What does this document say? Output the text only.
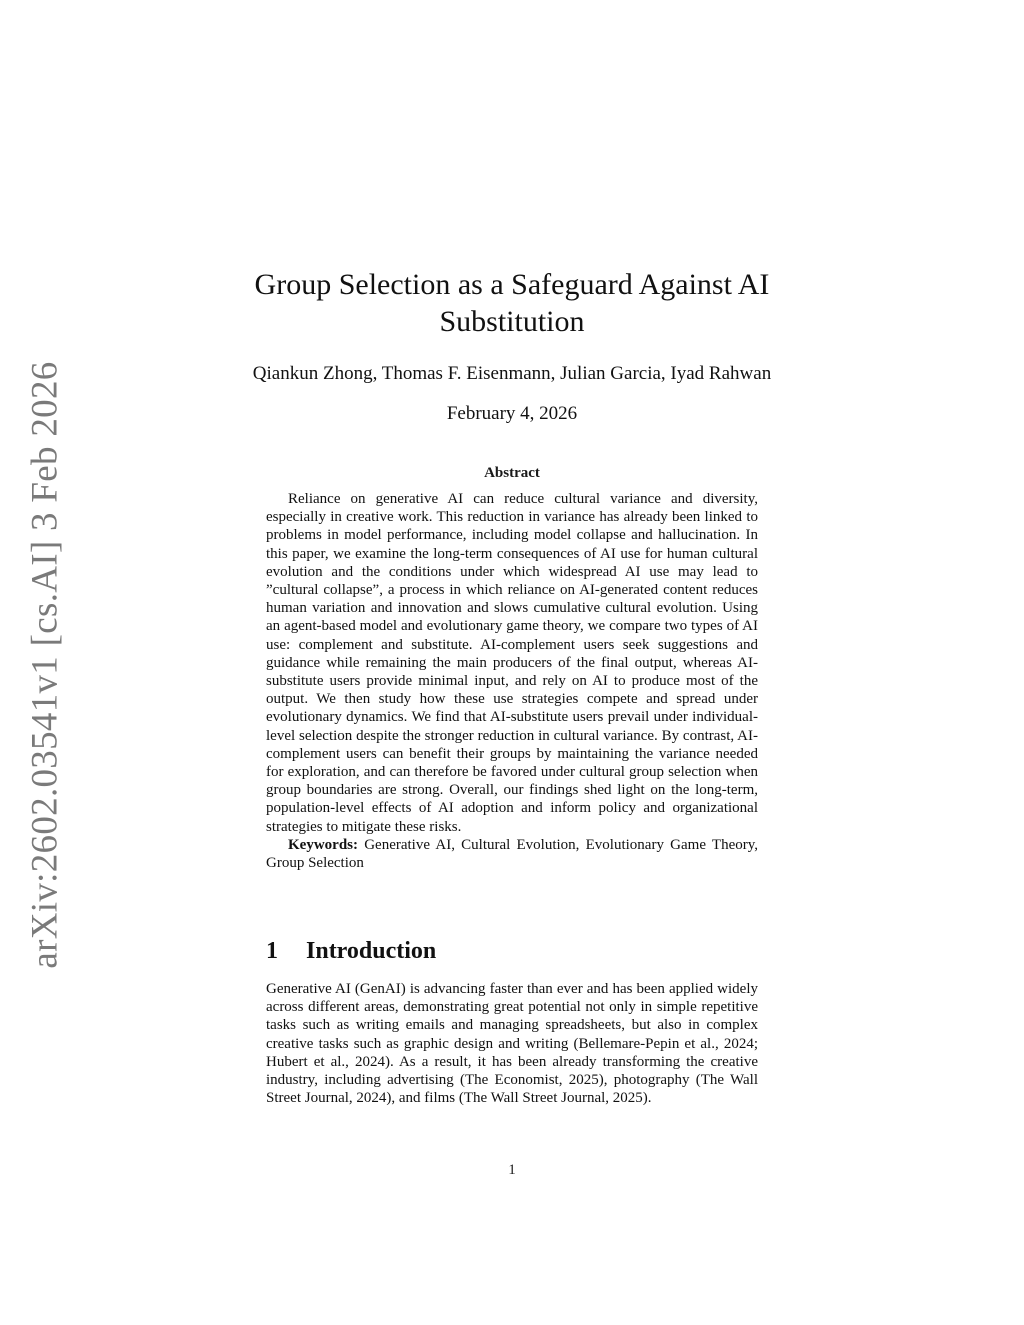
arXiv:2602.03541v1 [cs.AI] 3 Feb 2026
Group Selection as a Safeguard Against AI
Substitution
Qiankun Zhong, Thomas F. Eisenmann, Julian Garcia, Iyad Rahwan
February 4, 2026
Abstract

Reliance on generative AI can reduce cultural variance and diversity, especially in creative work. This reduction in variance has already been linked to problems in model performance, including model collapse and hallucination. In this paper, we examine the long-term consequences of AI use for human cultural evolution and the conditions under which widespread AI use may lead to ”cultural collapse”, a process in which reliance on AI-generated content reduces human variation and innovation and slows cumulative cultural evolution. Using an agent-based model and evolutionary game theory, we compare two types of AI use: complement and substitute. AI-complement users seek suggestions and guidance while remaining the main producers of the final output, whereas AI-substitute users provide minimal input, and rely on AI to produce most of the output. We then study how these use strategies compete and spread under evolutionary dynamics. We find that AI-substitute users prevail under individual-level selection despite the stronger reduction in cultural variance. By contrast, AI-complement users can benefit their groups by maintaining the variance needed for exploration, and can therefore be favored under cultural group selection when group boundaries are strong. Overall, our findings shed light on the long-term, population-level effects of AI adoption and inform policy and organizational strategies to mitigate these risks.

Keywords: Generative AI, Cultural Evolution, Evolutionary Game Theory, Group Selection

1 Introduction

Generative AI (GenAI) is advancing faster than ever and has been applied widely across different areas, demonstrating great potential not only in simple repetitive tasks such as writing emails and managing spreadsheets, but also in complex creative tasks such as graphic design and writing (Bellemare-Pepin et al., 2024; Hubert et al., 2024). As a result, it has been already transforming the creative industry, including advertising (The Economist, 2025), photography (The Wall Street Journal, 2024), and films (The Wall Street Journal, 2025).

1
